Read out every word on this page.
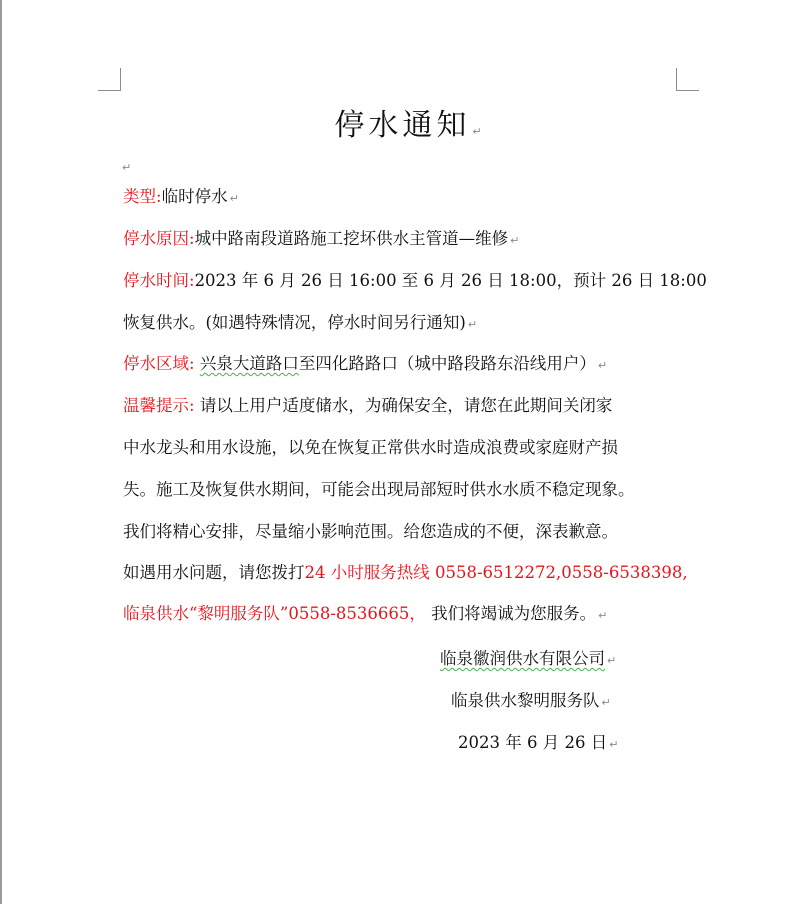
停水通知 ↵
↵
类型:临时停水 ↵
停水原因:城中路南段道路施工挖坏供水主管道—维修 ↵
停水时间:2023 年 6 月 26 日 16:00 至 6 月 26 日 18:00，预计 26 日 18:00
恢复供水。(如遇特殊情况，停水时间另行通知) ↵
停水区域: 兴泉大道路口至四化路路口（城中路段路东沿线用户） ↵
温馨提示: 请以上用户适度储水，为确保安全，请您在此期间关闭家
中水龙头和用水设施，以免在恢复正常供水时造成浪费或家庭财产损
失。施工及恢复供水期间，可能会出现局部短时供水水质不稳定现象。
我们将精心安排，尽量缩小影响范围。给您造成的不便，深表歉意。
如遇用水问题，请您拨打24 小时服务热线 0558-6512272,0558-6538398,
临泉供水“黎明服务队”0558-8536665， 我们将竭诚为您服务。 ↵
临泉徽润供水有限公司 ↵
临泉供水黎明服务队 ↵
2023 年 6 月 26 日 ↵
